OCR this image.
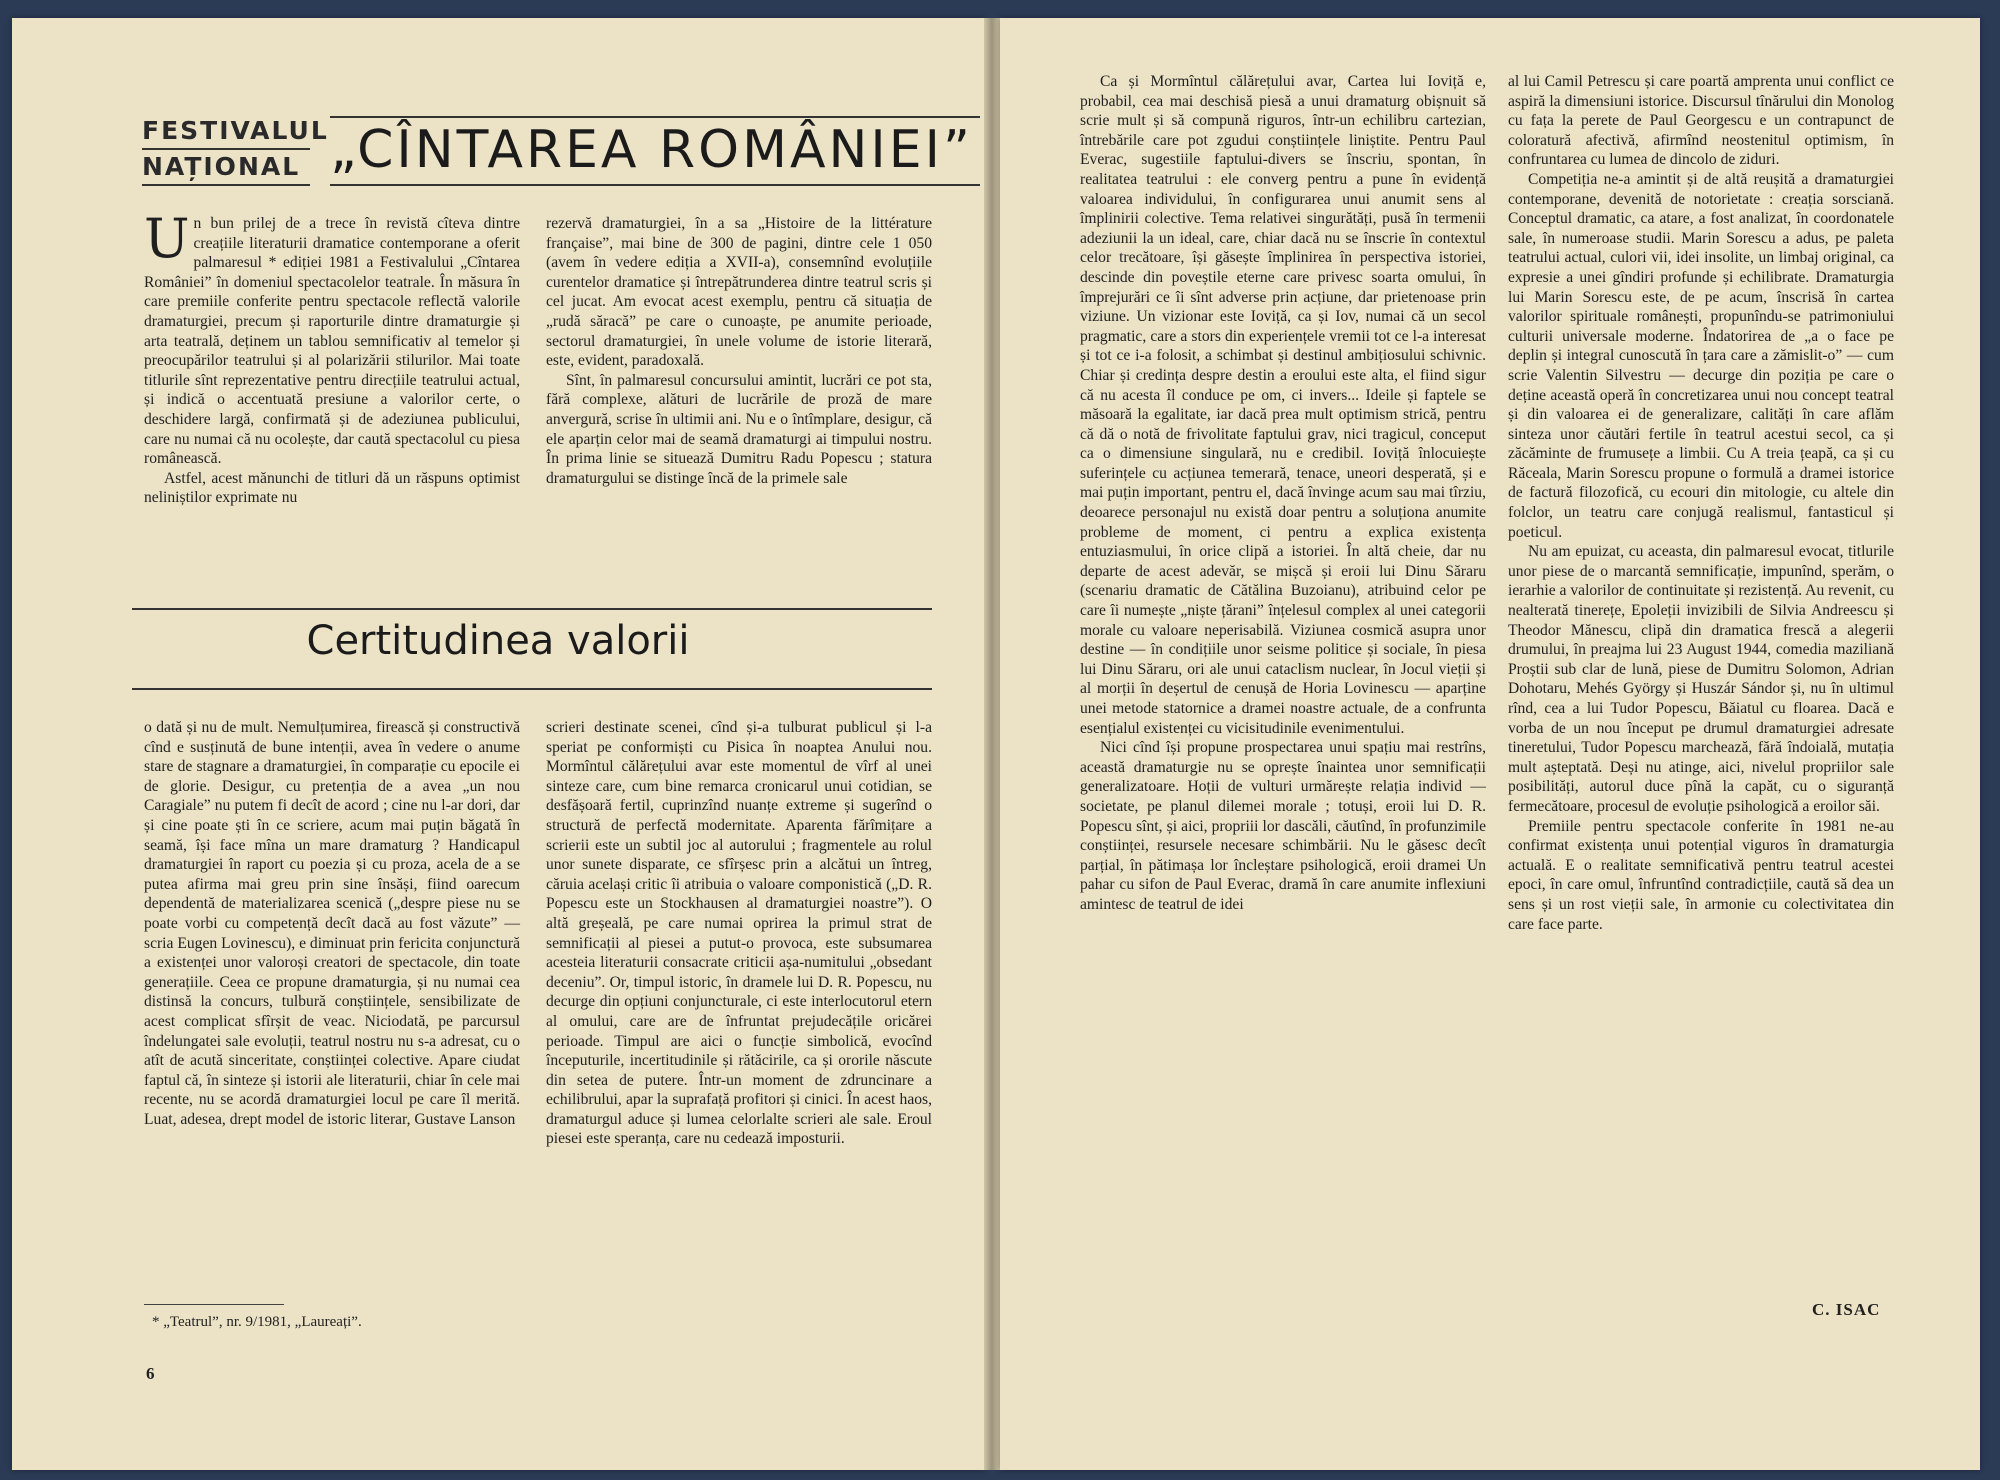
FESTIVALUL
NAȚIONAL „CÎNTAREA ROMÂNIEI”

Un bun prilej de a trece în revistă cîteva dintre creațiile literaturii dramatice contemporane a oferit palmaresul * ediției 1981 a Festivalului „Cîntarea României” în domeniul spectacolelor teatrale. În măsura în care premiile conferite pentru spectacole reflectă valorile dramaturgiei, precum și raporturile dintre dramaturgie și arta teatrală, deținem un tablou semnificativ al temelor și preocupărilor teatrului și al polarizării stilurilor. Mai toate titlurile sînt reprezentative pentru direcțiile teatrului actual, și indică o accentuată presiune a valorilor certe, o deschidere largă, confirmată și de adeziunea publicului, care nu numai că nu ocolește, dar caută spectacolul cu piesa românească.

Astfel, acest mănunchi de titluri dă un răspuns optimist neliniștilor exprimate nu

rezervă dramaturgiei, în a sa „Histoire de la littérature française”, mai bine de 300 de pagini, dintre cele 1 050 (avem în vedere ediția a XVII-a), consemnînd evoluțiile curentelor dramatice și întrepătrunderea dintre teatrul scris și cel jucat. Am evocat acest exemplu, pentru că situația de „rudă săracă” pe care o cunoaște, pe anumite perioade, sectorul dramaturgiei, în unele volume de istorie literară, este, evident, paradoxală.

Sînt, în palmaresul concursului amintit, lucrări ce pot sta, fără complexe, alături de lucrările de proză de mare anvergură, scrise în ultimii ani. Nu e o întîmplare, desigur, că ele aparțin celor mai de seamă dramaturgi ai timpului nostru. În prima linie se situează Dumitru Radu Popescu ; statura dramaturgului se distinge încă de la primele sale

Certitudinea valorii

o dată și nu de mult. Nemulțumirea, firească și constructivă cînd e susținută de bune intenții, avea în vedere o anume stare de stagnare a dramaturgiei, în comparație cu epocile ei de glorie. Desigur, cu pretenția de a avea „un nou Caragiale” nu putem fi decît de acord ; cine nu l-ar dori, dar și cine poate ști în ce scriere, acum mai puțin băgată în seamă, își face mîna un mare dramaturg ? Handicapul dramaturgiei în raport cu poezia și cu proza, acela de a se putea afirma mai greu prin sine însăși, fiind oarecum dependentă de materializarea scenică („despre piese nu se poate vorbi cu competență decît dacă au fost văzute” — scria Eugen Lovinescu), e diminuat prin fericita conjunctură a existenței unor valoroși creatori de spectacole, din toate generațiile. Ceea ce propune dramaturgia, și nu numai cea distinsă la concurs, tulbură conștiințele, sensibilizate de acest complicat sfîrșit de veac. Niciodată, pe parcursul îndelungatei sale evoluții, teatrul nostru nu s-a adresat, cu o atît de acută sinceritate, conștiinței colective. Apare ciudat faptul că, în sinteze și istorii ale literaturii, chiar în cele mai recente, nu se acordă dramaturgiei locul pe care îl merită. Luat, adesea, drept model de istoric literar, Gustave Lanson

scrieri destinate scenei, cînd și-a tulburat publicul și l-a speriat pe conformiști cu Pisica în noaptea Anului nou. Mormîntul călărețului avar este momentul de vîrf al unei sinteze care, cum bine remarca cronicarul unui cotidian, se desfășoară fertil, cuprinzînd nuanțe extreme și sugerînd o structură de perfectă modernitate. Aparenta fărîmițare a scrierii este un subtil joc al autorului ; fragmentele au rolul unor sunete disparate, ce sfîrșesc prin a alcătui un întreg, căruia același critic îi atribuia o valoare componistică („D. R. Popescu este un Stockhausen al dramaturgiei noastre”). O altă greșeală, pe care numai oprirea la primul strat de semnificații al piesei a putut-o provoca, este subsumarea acesteia literaturii consacrate criticii așa-numitului „obsedant deceniu”. Or, timpul istoric, în dramele lui D. R. Popescu, nu decurge din opțiuni conjuncturale, ci este interlocutorul etern al omului, care are de înfruntat prejudecățile oricărei perioade. Timpul are aici o funcție simbolică, evocînd începuturile, incertitudinile și rătăcirile, ca și ororile născute din setea de putere. Într-un moment de zdruncinare a echilibrului, apar la suprafață profitori și cinici. În acest haos, dramaturgul aduce și lumea celorlalte scrieri ale sale. Eroul piesei este speranța, care nu cedează imposturii.

* „Teatrul”, nr. 9/1981, „Laureați”.
6

Ca și Mormîntul călărețului avar, Cartea lui Ioviță e, probabil, cea mai deschisă piesă a unui dramaturg obișnuit să scrie mult și să compună riguros, într-un echilibru cartezian, întrebările care pot zgudui conștiințele liniștite. Pentru Paul Everac, sugestiile faptului-divers se înscriu, spontan, în realitatea teatrului : ele converg pentru a pune în evidență valoarea individului, în configurarea unui anumit sens al împlinirii colective. Tema relativei singurătăți, pusă în termenii adeziunii la un ideal, care, chiar dacă nu se înscrie în contextul celor trecătoare, își găsește împlinirea în perspectiva istoriei, descinde din poveștile eterne care privesc soarta omului, în împrejurări ce îi sînt adverse prin acțiune, dar prietenoase prin viziune. Un vizionar este Ioviță, ca și Iov, numai că un secol pragmatic, care a stors din experiențele vremii tot ce l-a interesat și tot ce i-a folosit, a schimbat și destinul ambițiosului schivnic. Chiar și credința despre destin a eroului este alta, el fiind sigur că nu acesta îl conduce pe om, ci invers... Ideile și faptele se măsoară la egalitate, iar dacă prea mult optimism strică, pentru că dă o notă de frivolitate faptului grav, nici tragicul, conceput ca o dimensiune singulară, nu e credibil. Ioviță înlocuiește suferințele cu acțiunea temerară, tenace, uneori desperată, și e mai puțin important, pentru el, dacă învinge acum sau mai tîrziu, deoarece personajul nu există doar pentru a soluționa anumite probleme de moment, ci pentru a explica existența entuziasmului, în orice clipă a istoriei. În altă cheie, dar nu departe de acest adevăr, se mișcă și eroii lui Dinu Săraru (scenariu dramatic de Cătălina Buzoianu), atribuind celor pe care îi numește „niște țărani” înțelesul complex al unei categorii morale cu valoare neperisabilă. Viziunea cosmică asupra unor destine — în condițiile unor seisme politice și sociale, în piesa lui Dinu Săraru, ori ale unui cataclism nuclear, în Jocul vieții și al morții în deșertul de cenușă de Horia Lovinescu — aparține unei metode statornice a dramei noastre actuale, de a confrunta esențialul existenței cu vicisitudinile evenimentului.

Nici cînd își propune prospectarea unui spațiu mai restrîns, această dramaturgie nu se oprește înaintea unor semnificații generalizatoare. Hoții de vulturi urmărește relația individ — societate, pe planul dilemei morale ; totuși, eroii lui D. R. Popescu sînt, și aici, propriii lor dascăli, căutînd, în profunzimile conștiinței, resursele necesare schimbării. Nu le găsesc decît parțial, în pătimașa lor încleștare psihologică, eroii dramei Un pahar cu sifon de Paul Everac, dramă în care anumite inflexiuni amintesc de teatrul de idei

al lui Camil Petrescu și care poartă amprenta unui conflict ce aspiră la dimensiuni istorice. Discursul tînărului din Monolog cu fața la perete de Paul Georgescu e un contrapunct de coloratură afectivă, afirmînd neostenitul optimism, în confruntarea cu lumea de dincolo de ziduri.

Competiția ne-a amintit și de altă reușită a dramaturgiei contemporane, devenită de notorietate : creația sorsciană. Conceptul dramatic, ca atare, a fost analizat, în coordonatele sale, în numeroase studii. Marin Sorescu a adus, pe paleta teatrului actual, culori vii, idei insolite, un limbaj original, ca expresie a unei gîndiri profunde și echilibrate. Dramaturgia lui Marin Sorescu este, de pe acum, înscrisă în cartea valorilor spirituale românești, propunîndu-se patrimoniului culturii universale moderne. Îndatorirea de „a o face pe deplin și integral cunoscută în țara care a zămislit-o” — cum scrie Valentin Silvestru — decurge din poziția pe care o deține această operă în concretizarea unui nou concept teatral și din valoarea ei de generalizare, calități în care aflăm sinteza unor căutări fertile în teatrul acestui secol, ca și zăcăminte de frumusețe a limbii. Cu A treia țeapă, ca și cu Răceala, Marin Sorescu propune o formulă a dramei istorice de factură filozofică, cu ecouri din mitologie, cu altele din folclor, un teatru care conjugă realismul, fantasticul și poeticul.

Nu am epuizat, cu aceasta, din palmaresul evocat, titlurile unor piese de o marcantă semnificație, impunînd, sperăm, o ierarhie a valorilor de continuitate și rezistență. Au revenit, cu nealterată tinerețe, Epoleții invizibili de Silvia Andreescu și Theodor Mănescu, clipă din dramatica frescă a alegerii drumului, în preajma lui 23 August 1944, comedia maziliană Proștii sub clar de lună, piese de Dumitru Solomon, Adrian Dohotaru, Mehés György și Huszár Sándor și, nu în ultimul rînd, cea a lui Tudor Popescu, Băiatul cu floarea. Dacă e vorba de un nou început pe drumul dramaturgiei adresate tineretului, Tudor Popescu marchează, fără îndoială, mutația mult așteptată. Deși nu atinge, aici, nivelul propriilor sale posibilități, autorul duce pînă la capăt, cu o siguranță fermecătoare, procesul de evoluție psihologică a eroilor săi.

Premiile pentru spectacole conferite în 1981 ne-au confirmat existența unui potențial viguros în dramaturgia actuală. E o realitate semnificativă pentru teatrul acestei epoci, în care omul, înfruntînd contradicțiile, caută să dea un sens și un rost vieții sale, în armonie cu colectivitatea din care face parte.

C. ISAC
